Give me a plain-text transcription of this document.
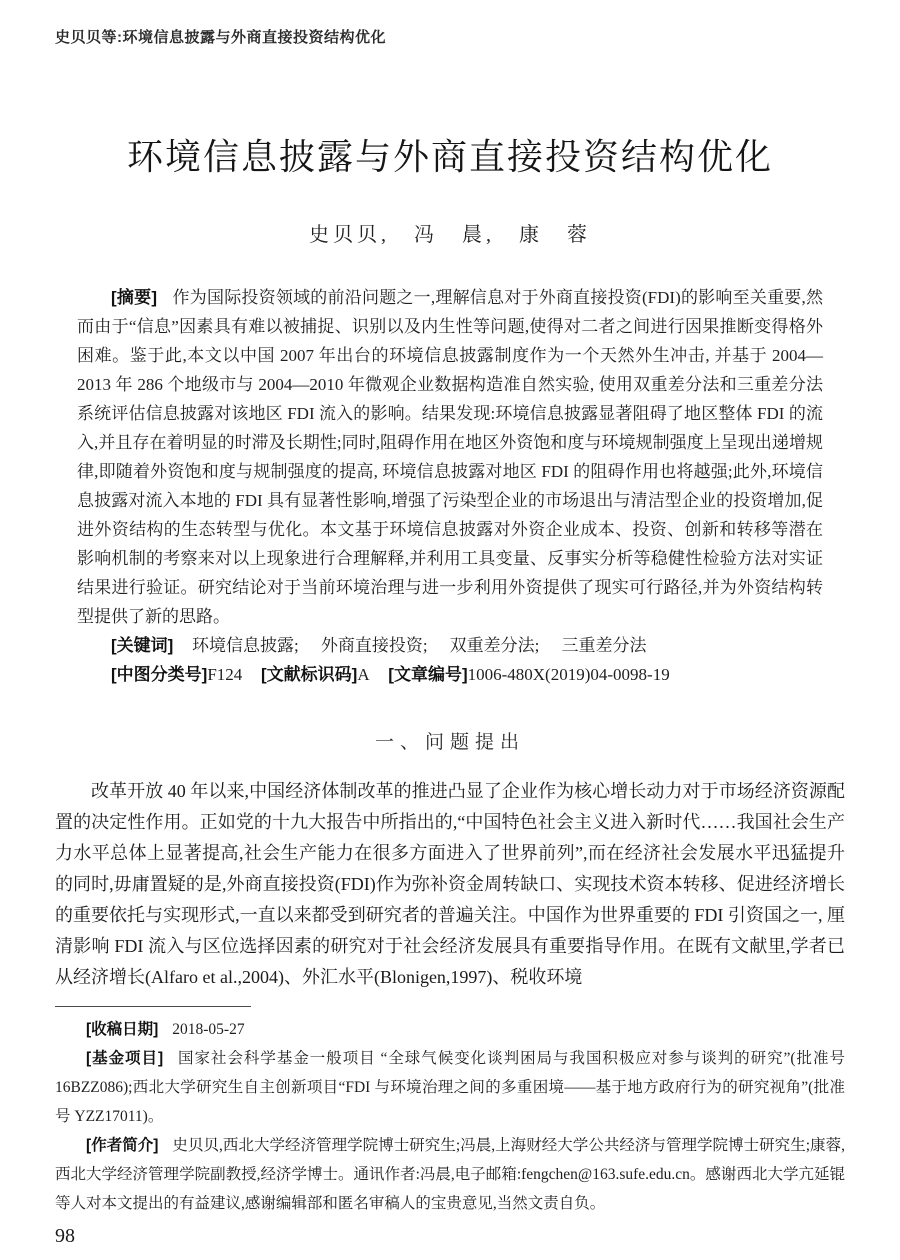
史贝贝等:环境信息披露与外商直接投资结构优化
环境信息披露与外商直接投资结构优化
史贝贝,　冯　晨,　康　蓉

[摘要] 作为国际投资领域的前沿问题之一,理解信息对于外商直接投资(FDI)的影响至关重要,然而由于“信息”因素具有难以被捕捉、识别以及内生性等问题,使得对二者之间进行因果推断变得格外困难。鉴于此,本文以中国 2007 年出台的环境信息披露制度作为一个天然外生冲击, 并基于 2004—2013 年 286 个地级市与 2004—2010 年微观企业数据构造准自然实验, 使用双重差分法和三重差分法系统评估信息披露对该地区 FDI 流入的影响。结果发现:环境信息披露显著阻碍了地区整体 FDI 的流入,并且存在着明显的时滞及长期性;同时,阻碍作用在地区外资饱和度与环境规制强度上呈现出递增规律,即随着外资饱和度与规制强度的提高, 环境信息披露对地区 FDI 的阻碍作用也将越强;此外,环境信息披露对流入本地的 FDI 具有显著性影响,增强了污染型企业的市场退出与清洁型企业的投资增加,促进外资结构的生态转型与优化。本文基于环境信息披露对外资企业成本、投资、创新和转移等潜在影响机制的考察来对以上现象进行合理解释,并利用工具变量、反事实分析等稳健性检验方法对实证结果进行验证。研究结论对于当前环境治理与进一步利用外资提供了现实可行路径,并为外资结构转型提供了新的思路。

[关键词] 环境信息披露; 外商直接投资; 双重差分法; 三重差分法

[中图分类号]F124 [文献标识码]A [文章编号]1006-480X(2019)04-0098-19

一、问题提出

改革开放 40 年以来,中国经济体制改革的推进凸显了企业作为核心增长动力对于市场经济资源配置的决定性作用。正如党的十九大报告中所指出的,“中国特色社会主义进入新时代……我国社会生产力水平总体上显著提高,社会生产能力在很多方面进入了世界前列”,而在经济社会发展水平迅猛提升的同时,毋庸置疑的是,外商直接投资(FDI)作为弥补资金周转缺口、实现技术资本转移、促进经济增长的重要依托与实现形式,一直以来都受到研究者的普遍关注。中国作为世界重要的 FDI 引资国之一, 厘清影响 FDI 流入与区位选择因素的研究对于社会经济发展具有重要指导作用。在既有文献里,学者已从经济增长(Alfaro et al.,2004)、外汇水平(Blonigen,1997)、税收环境

[收稿日期] 2018-05-27

[基金项目] 国家社会科学基金一般项目 “全球气候变化谈判困局与我国积极应对参与谈判的研究”(批准号 16BZZ086);西北大学研究生自主创新项目“FDI 与环境治理之间的多重困境——基于地方政府行为的研究视角”(批准号 YZZ17011)。

[作者简介] 史贝贝,西北大学经济管理学院博士研究生;冯晨,上海财经大学公共经济与管理学院博士研究生;康蓉,西北大学经济管理学院副教授,经济学博士。通讯作者:冯晨,电子邮箱:fengchen@163.sufe.edu.cn。感谢西北大学亢延锟等人对本文提出的有益建议,感谢编辑部和匿名审稿人的宝贵意见,当然文责自负。

98
